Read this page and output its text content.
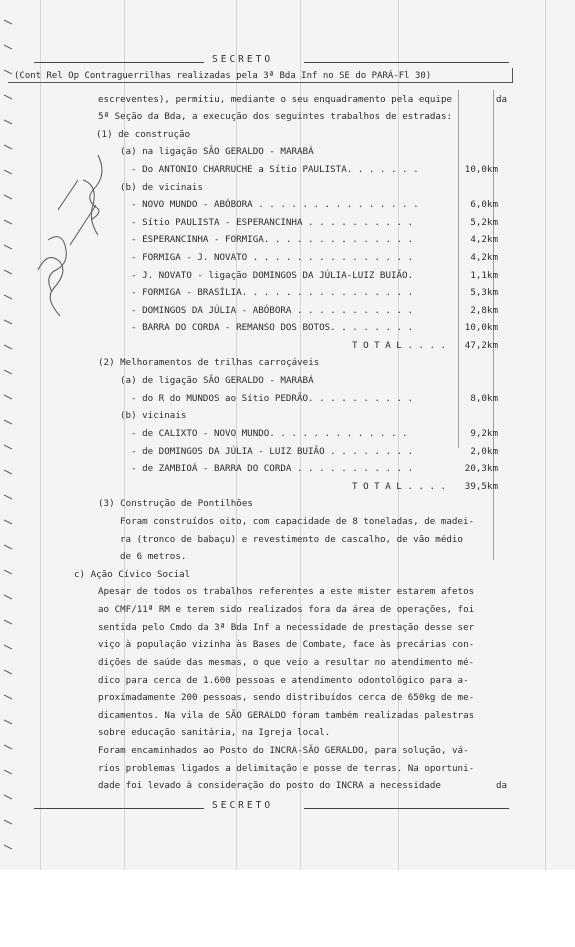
SECRETO
(Cont Rel Op Contraguerrilhas realizadas pela 3ª Bda Inf no SE do PARÁ-Fl 30)
escreventes), permitiu, mediante o seu enquadramento pela equipe	da
5ª Seção da Bda, a execução dos seguintes trabalhos de estradas:
(1) de construção
(a) na ligação SÃO GERALDO - MARABÁ
- Do ANTONIO CHARRUCHE a Sítio PAULISTA. . . . . . .	10,0km
(b) de vicinais
- NOVO MUNDO - ABÓBORA . . . . . . . . . . . . . . .	6,0km
- Sítio PAULISTA - ESPERANCINHA . . . . . . . . . .	5,2km
- ESPERANCINHA - FORMIGA. . . . . . . . . . . . . .	4,2km
- FORMIGA - J. NOVATO . . . . . . . . . . . . . . .	4,2km
- J. NOVATO - ligação DOMINGOS DA JÚLIA-LUIZ BUIÃO.	1,1km
- FORMIGA - BRASÍLIA. . . . . . . . . . . . . . . .	5,3km
- DOMINGOS DA JÚLIA - ABÓBORA . . . . . . . . . . .	2,8km
- BARRA DO CORDA - REMANSO DOS BOTOS. . . . . . . .	10,0km
T O T A L . . . .	47,2km
(2) Melhoramentos de trilhas carroçáveis
(a) de ligação SÃO GERALDO - MARABÁ
- do R do MUNDOS ao Sítio PEDRÃO. . . . . . . . . .	8,0km
(b) vicinais
- de CALIXTO - NOVO MUNDO. . . . . . . . . . . . .	9,2km
- de DOMINGOS DA JÚLIA - LUIZ BUIÃO . . . . . . . .	2,0km
- de ZAMBIOÁ - BARRA DO CORDA . . . . . . . . . . .	20,3km
T O T A L . . . .	39,5km
(3) Construção de Pontilhões
Foram construídos oito, com capacidade de 8 toneladas, de madei-
ra (tronco de babaçu) e revestimento de cascalho, de vão médio
de 6 metros.
c) Ação Cívico Social
Apesar de todos os trabalhos referentes a este mister estarem afetos
ao CMF/11ª RM e terem sido realizados fora da área de operações, foi
sentida pelo Cmdo da 3ª Bda Inf a necessidade de prestação desse ser
viço à população vizinha às Bases de Combate, face às precárias con-
dições de saúde das mesmas, o que veio a resultar no atendimento mé-
dico para cerca de 1.600 pessoas e atendimento odontológico para a-
proximadamente 200 pessoas, sendo distribuídos cerca de 650kg de me-
dicamentos. Na vila de SÃO GERALDO foram também realizadas palestras
sobre educação sanitária, na Igreja local.
Foram encaminhados ao Posto do INCRA-SÃO GERALDO, para solução, vá-
rios problemas ligados a delimitação e posse de terras. Na oportuni-
dade foi levado à consideração do posto do INCRA a necessidade	da
SECRETO
